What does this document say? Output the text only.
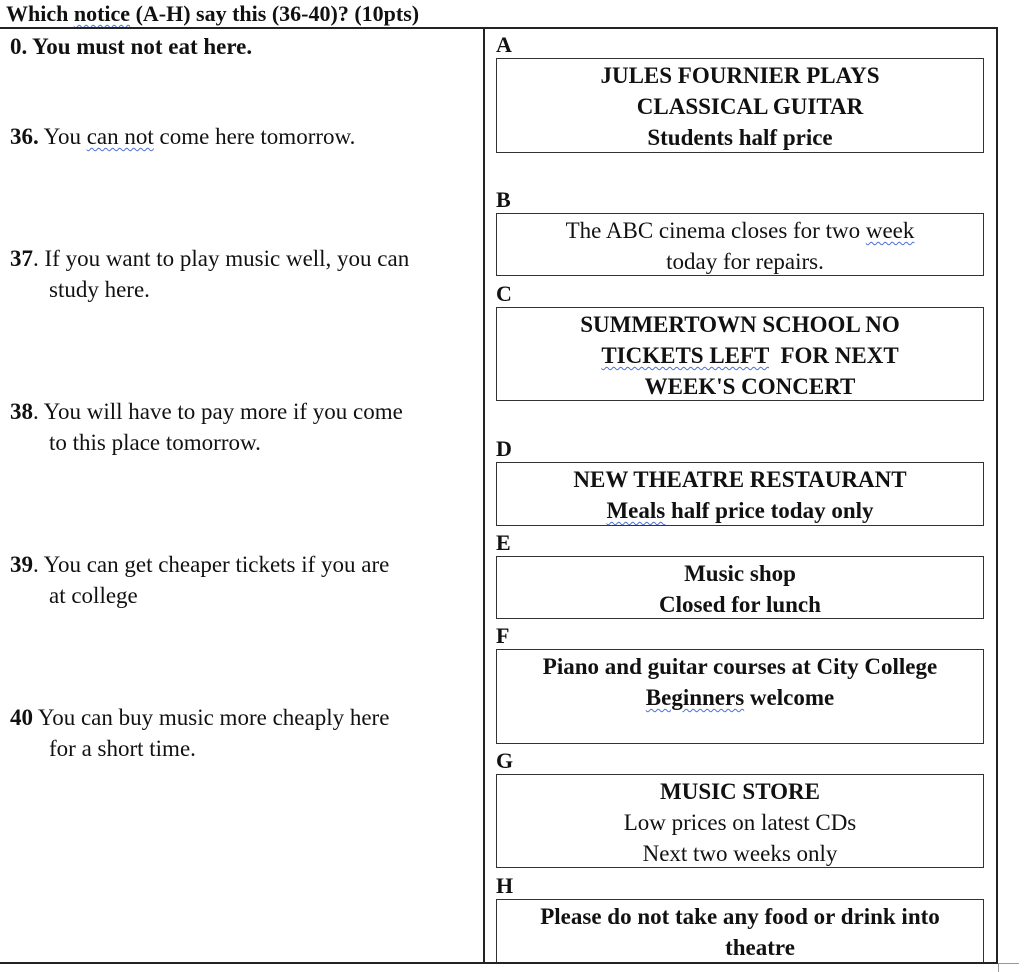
Which notice (A-H) say this (36-40)? (10pts)
0. You must not eat here.
36. You can not come here tomorrow.
37. If you want to play music well, you can
study here.
38. You will have to pay more if you come
to this place tomorrow.
39. You can get cheaper tickets if you are
at college
40 You can buy music more cheaply here
for a short time.
A
JULES FOURNIER PLAYS
CLASSICAL GUITAR
Students half price
B
The ABC cinema closes for two week
today for repairs.
C
SUMMERTOWN SCHOOL NO
TICKETS LEFT  FOR NEXT
WEEK'S CONCERT
D
NEW THEATRE RESTAURANT
Meals half price today only
E
Music shop
Closed for lunch
F
Piano and guitar courses at City College
Beginners welcome
G
MUSIC STORE
Low prices on latest CDs
Next two weeks only
H
Please do not take any food or drink into
theatre
